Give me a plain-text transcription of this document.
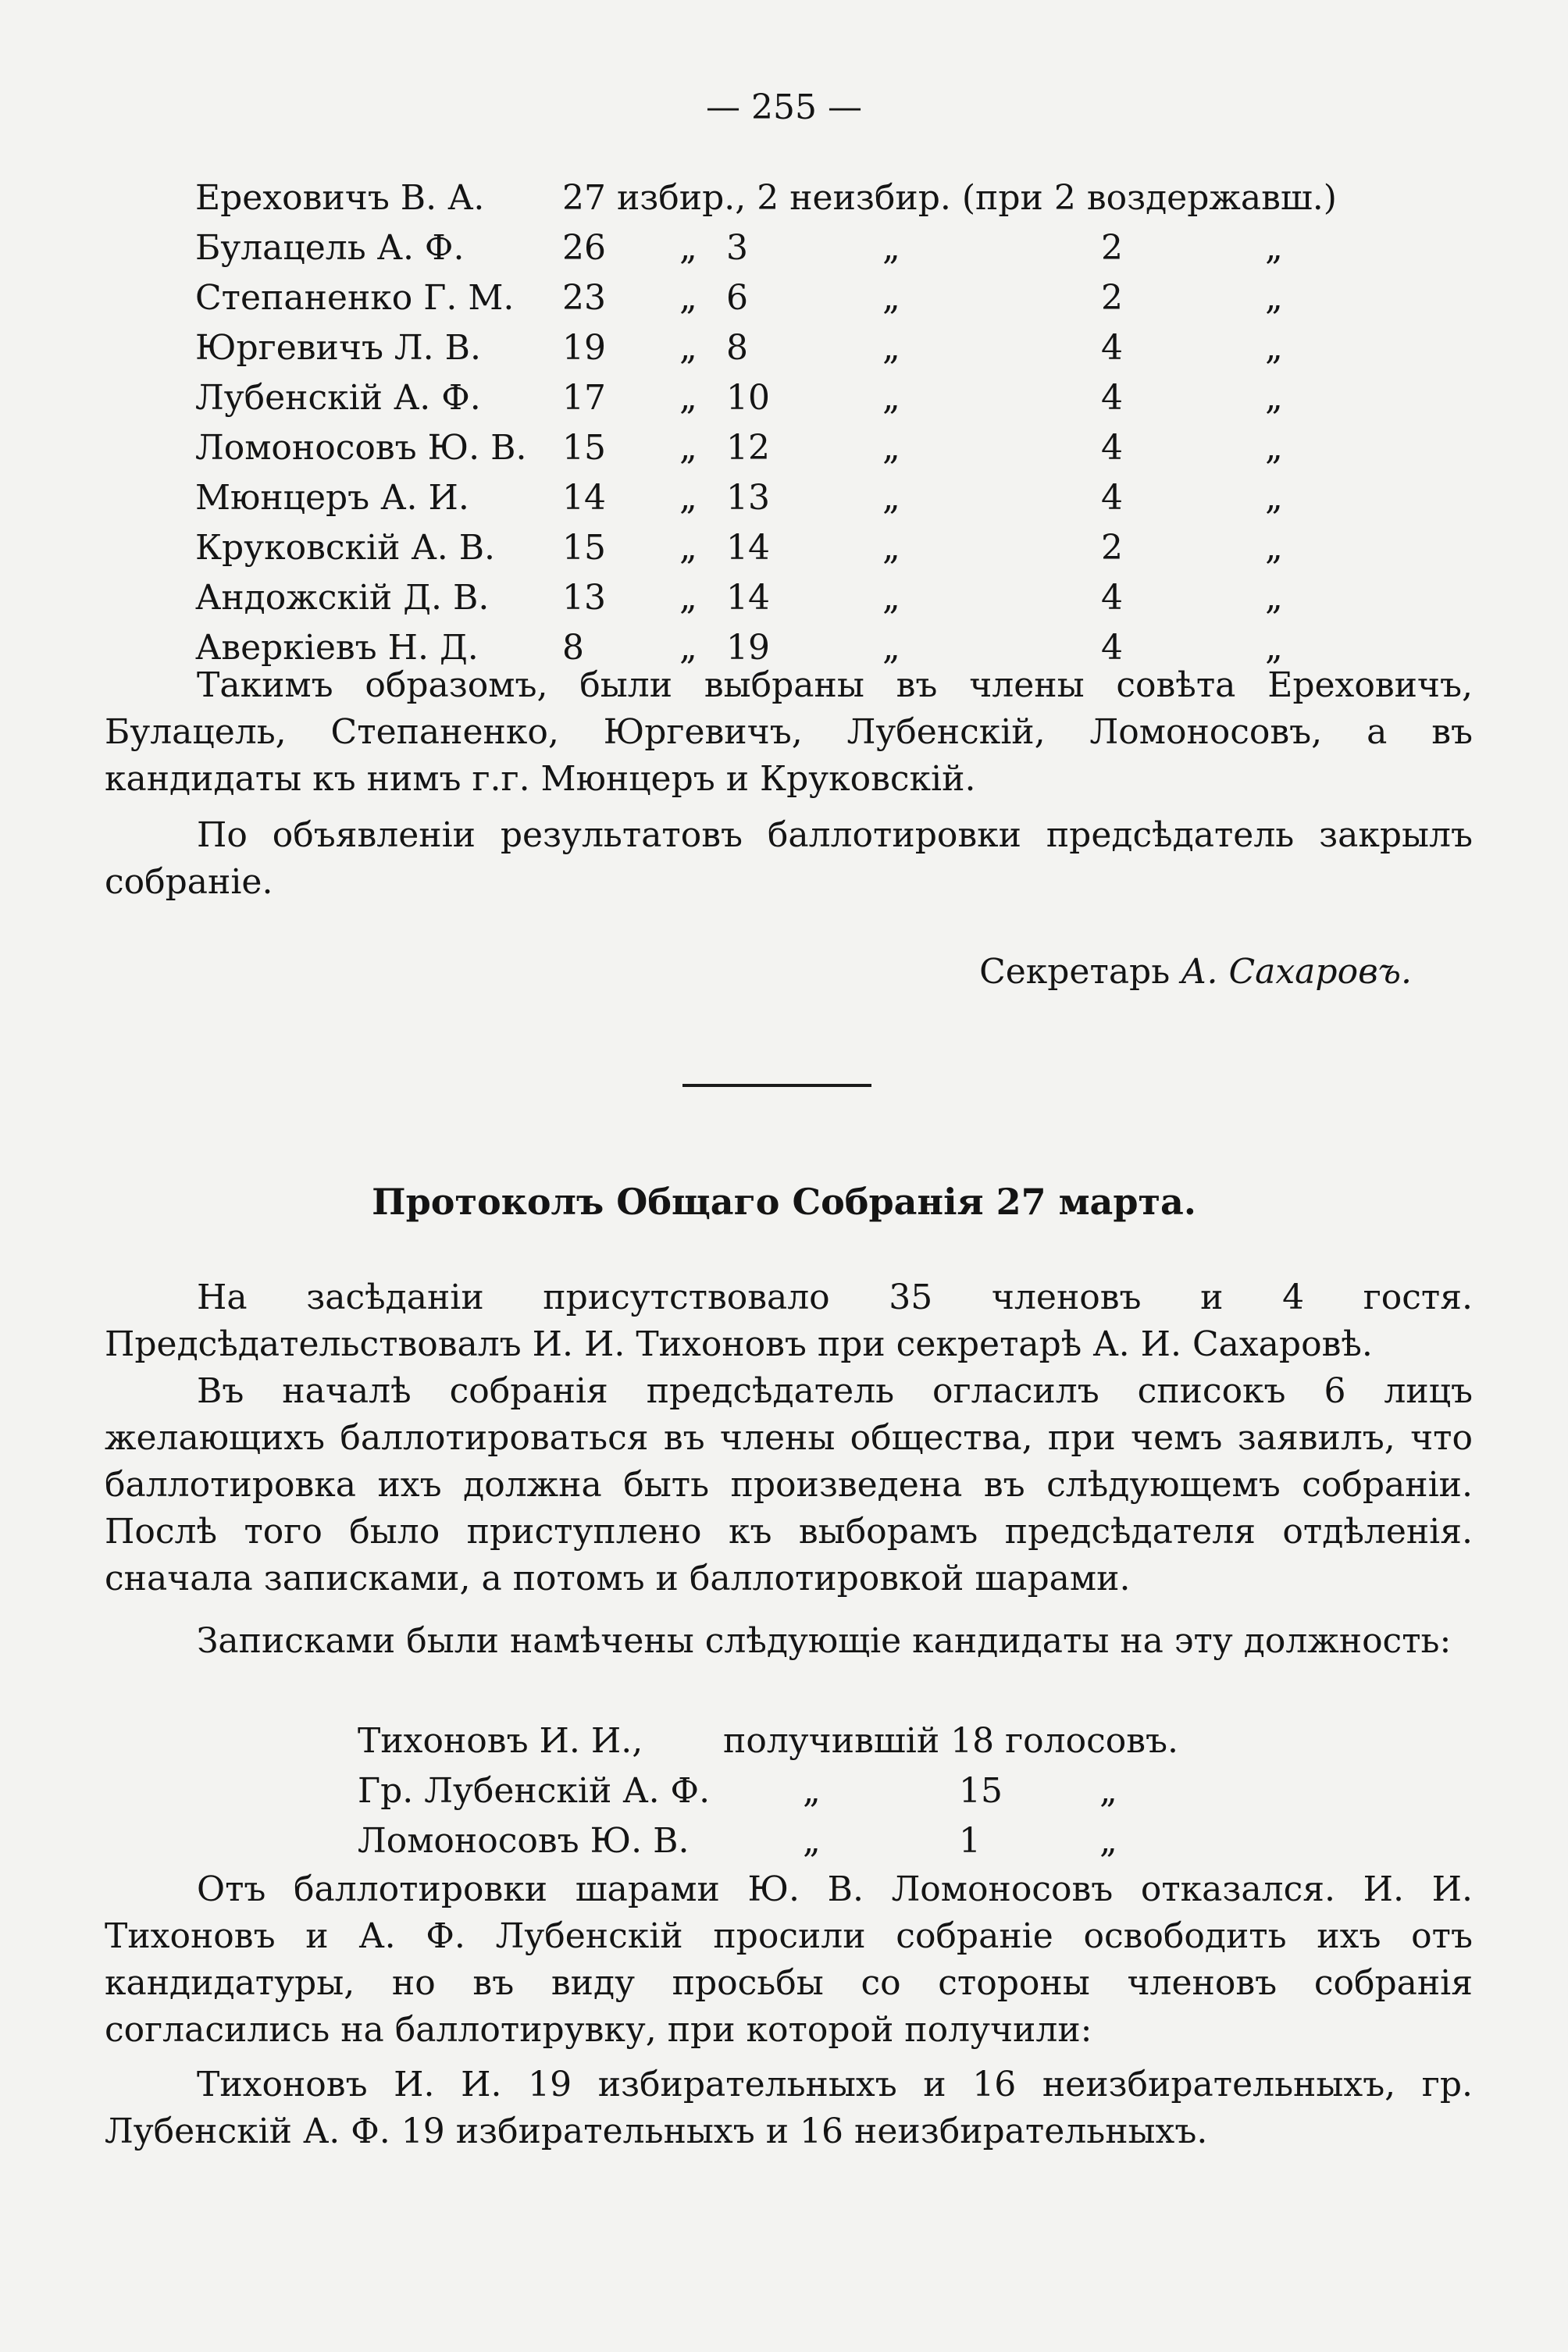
— 255 —
Ереховичъ В. А. 27 избир., 2 неизбир. (при 2 воздержавш.)
Булацель А. Ф.	26 „ 3	„	2	„
Степаненко Г. М. 23 „ 6	„	2	„
Юргевичъ Л. В. 19 „ 8	„	4	„
Лубенскій А. Ф. 17 „ 10	„	4	„
Ломоносовъ Ю. В. 15 „ 12	„	4	„
Мюнцеръ А. И.	14 „ 13	„	4	„
Круковскій А. В. 15 „ 14	„	2	„
Андожскій Д. В. 13 „ 14	„	4	„
Аверкіевъ Н. Д. 8	„ 19	„	4	„

Такимъ образомъ, были выбраны въ члены совѣта Ереховичъ, Булацель, Степаненко, Юргевичъ, Лубенскій, Ломоносовъ, а въ кандидаты къ нимъ г.г. Мюнцеръ и Круковскій.

По объявленіи результатовъ баллотировки предсѣдатель закрылъ собраніе.

Секретарь А. Сахаровъ.
Протоколъ Общаго Собранія 27 марта.

На засѣданіи присутствовало 35 членовъ и 4 гостя. Предсѣдательствовалъ И. И. Тихоновъ при секретарѣ А. И. Сахаровѣ.

Въ началѣ собранія предсѣдатель огласилъ списокъ 6 лицъ желающихъ баллотироваться въ члены общества, при чемъ заявилъ, что баллотировка ихъ должна быть произведена въ слѣдующемъ собраніи. Послѣ того было приступлено къ выборамъ предсѣдателя отдѣленія. сначала записками, а потомъ и баллотировкой шарами.

Записками были намѣчены слѣдующіе кандидаты на эту должность:

Тихоновъ И. И., получившій 18 голосовъ.
Гр. Лубенскій А. Ф.	„	15	„
Ломоносовъ Ю. В.	„	1	„

Отъ баллотировки шарами Ю. В. Ломоносовъ отказался. И. И. Тихоновъ и А. Ф. Лубенскій просили собраніе освободить ихъ отъ кандидатуры, но въ виду просьбы со стороны членовъ собранія согласились на баллотирувку, при которой получили:

Тихоновъ И. И. 19 избирательныхъ и 16 неизбирательныхъ, гр. Лубенскій А. Ф. 19 избирательныхъ и 16 неизбирательныхъ.
